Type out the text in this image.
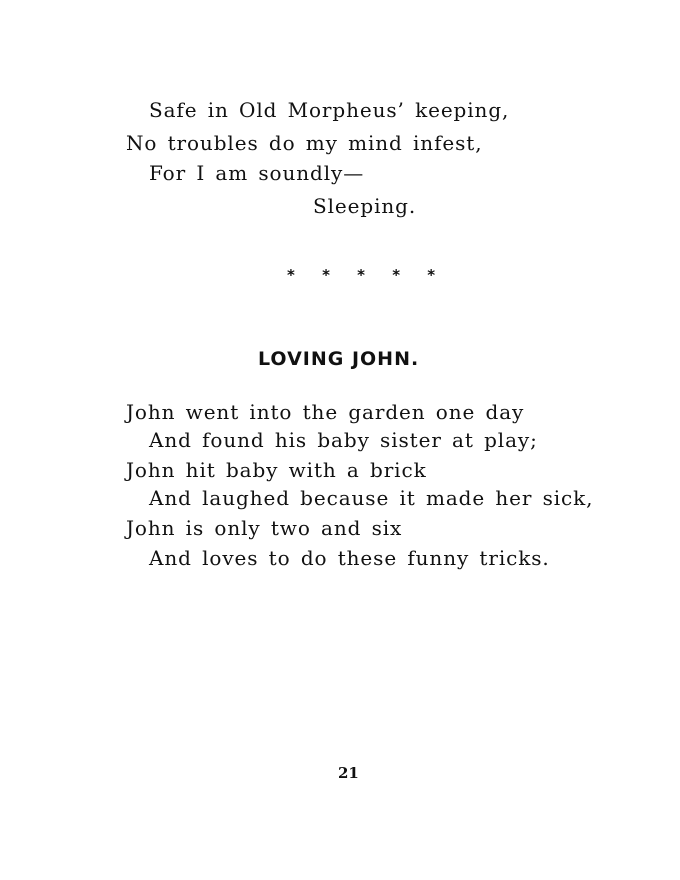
Safe in Old Morpheus’ keeping,
No troubles do my mind infest,
For I am soundly—
Sleeping.
* * * * *
LOVING JOHN.
John went into the garden one day
And found his baby sister at play;
John hit baby with a brick
And laughed because it made her sick,
John is only two and six
And loves to do these funny tricks.
21
